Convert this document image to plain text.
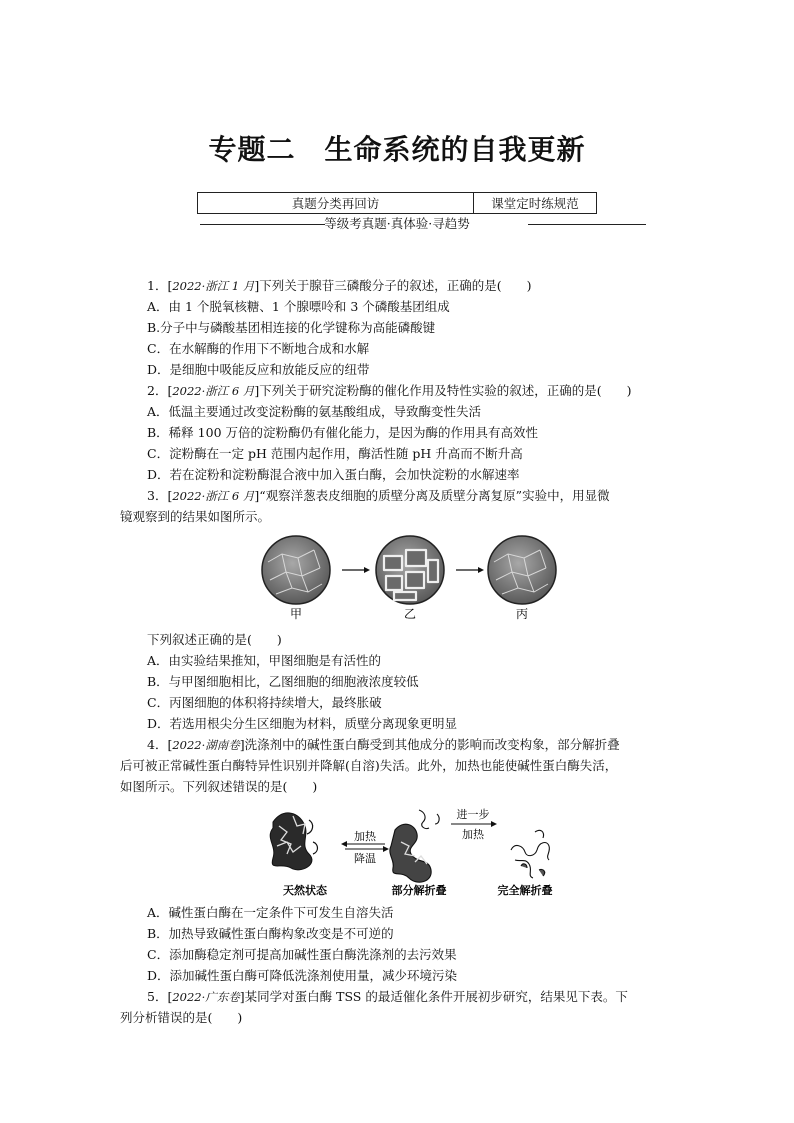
专题二　生命系统的自我更新
真题分类再回访	课堂定时练规范
等级考真题·真体验·寻趋势
1．[2022·浙江 1 月]下列关于腺苷三磷酸分子的叙述，正确的是(　　)
A．由 1 个脱氧核糖、1 个腺嘌呤和 3 个磷酸基团组成
B.分子中与磷酸基团相连接的化学键称为高能磷酸键
C．在水解酶的作用下不断地合成和水解
D．是细胞中吸能反应和放能反应的纽带
2．[2022·浙江 6 月]下列关于研究淀粉酶的催化作用及特性实验的叙述，正确的是(　　)
A．低温主要通过改变淀粉酶的氨基酸组成，导致酶变性失活
B．稀释 100 万倍的淀粉酶仍有催化能力，是因为酶的作用具有高效性
C．淀粉酶在一定 pH 范围内起作用，酶活性随 pH 升高而不断升高
D．若在淀粉和淀粉酶混合液中加入蛋白酶，会加快淀粉的水解速率
3．[2022·浙江 6 月]“观察洋葱表皮细胞的质壁分离及质壁分离复原”实验中，用显微
镜观察到的结果如图所示。
甲	乙	丙
下列叙述正确的是(　　)
A．由实验结果推知，甲图细胞是有活性的
B．与甲图细胞相比，乙图细胞的细胞液浓度较低
C．丙图细胞的体积将持续增大，最终胀破
D．若选用根尖分生区细胞为材料，质壁分离现象更明显
4．[2022·湖南卷]洗涤剂中的碱性蛋白酶受到其他成分的影响而改变构象，部分解折叠
后可被正常碱性蛋白酶特异性识别并降解(自溶)失活。此外，加热也能使碱性蛋白酶失活，
如图所示。下列叙述错误的是(　　)
加热
降温
进一步
加热
天然状态	部分解折叠	完全解折叠
A．碱性蛋白酶在一定条件下可发生自溶失活
B．加热导致碱性蛋白酶构象改变是不可逆的
C．添加酶稳定剂可提高加碱性蛋白酶洗涤剂的去污效果
D．添加碱性蛋白酶可降低洗涤剂使用量，减少环境污染
5．[2022·广东卷]某同学对蛋白酶 TSS 的最适催化条件开展初步研究，结果见下表。下
列分析错误的是(　　)
